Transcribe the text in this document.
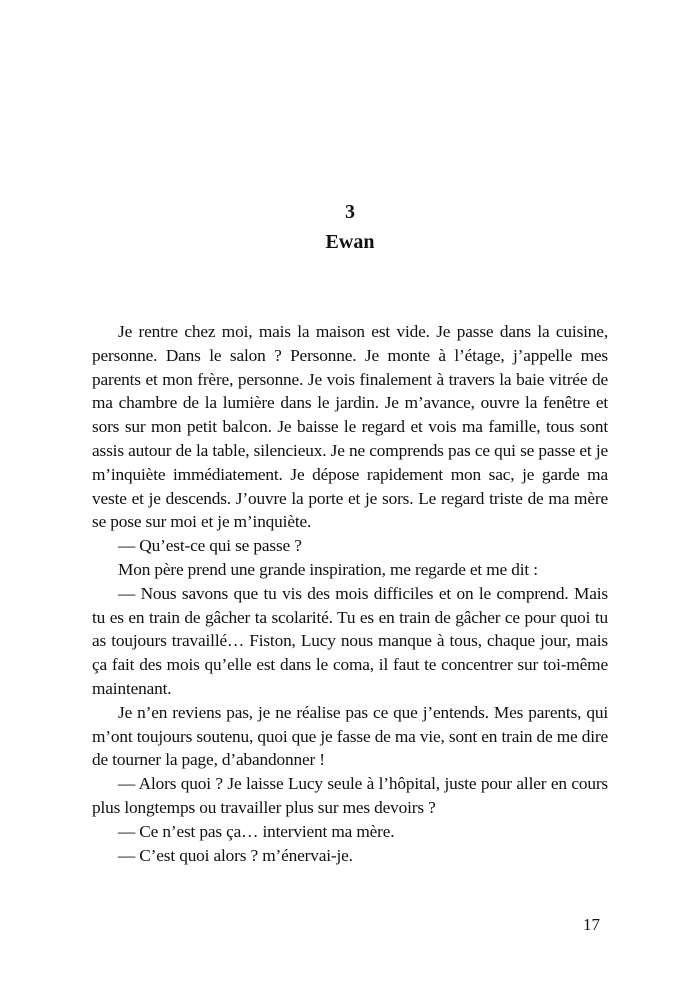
3
Ewan

Je rentre chez moi, mais la maison est vide. Je passe dans la cuisine, personne. Dans le salon ? Personne. Je monte à l’étage, j’appelle mes parents et mon frère, personne. Je vois finalement à travers la baie vitrée de ma chambre de la lumière dans le jardin. Je m’avance, ouvre la fenêtre et sors sur mon petit balcon. Je baisse le regard et vois ma famille, tous sont assis autour de la table, silencieux. Je ne comprends pas ce qui se passe et je m’inquiète immédiatement. Je dépose rapidement mon sac, je garde ma veste et je descends. J’ouvre la porte et je sors. Le regard triste de ma mère se pose sur moi et je m’inquiète.

— Qu’est-ce qui se passe ?

Mon père prend une grande inspiration, me regarde et me dit :

— Nous savons que tu vis des mois difficiles et on le comprend. Mais tu es en train de gâcher ta scolarité. Tu es en train de gâcher ce pour quoi tu as toujours travaillé… Fiston, Lucy nous manque à tous, chaque jour, mais ça fait des mois qu’elle est dans le coma, il faut te concentrer sur toi-même maintenant.

Je n’en reviens pas, je ne réalise pas ce que j’entends. Mes parents, qui m’ont toujours soutenu, quoi que je fasse de ma vie, sont en train de me dire de tourner la page, d’abandonner !

— Alors quoi ? Je laisse Lucy seule à l’hôpital, juste pour aller en cours plus longtemps ou travailler plus sur mes devoirs ?

— Ce n’est pas ça… intervient ma mère.

— C’est quoi alors ? m’énervai-je.

17
